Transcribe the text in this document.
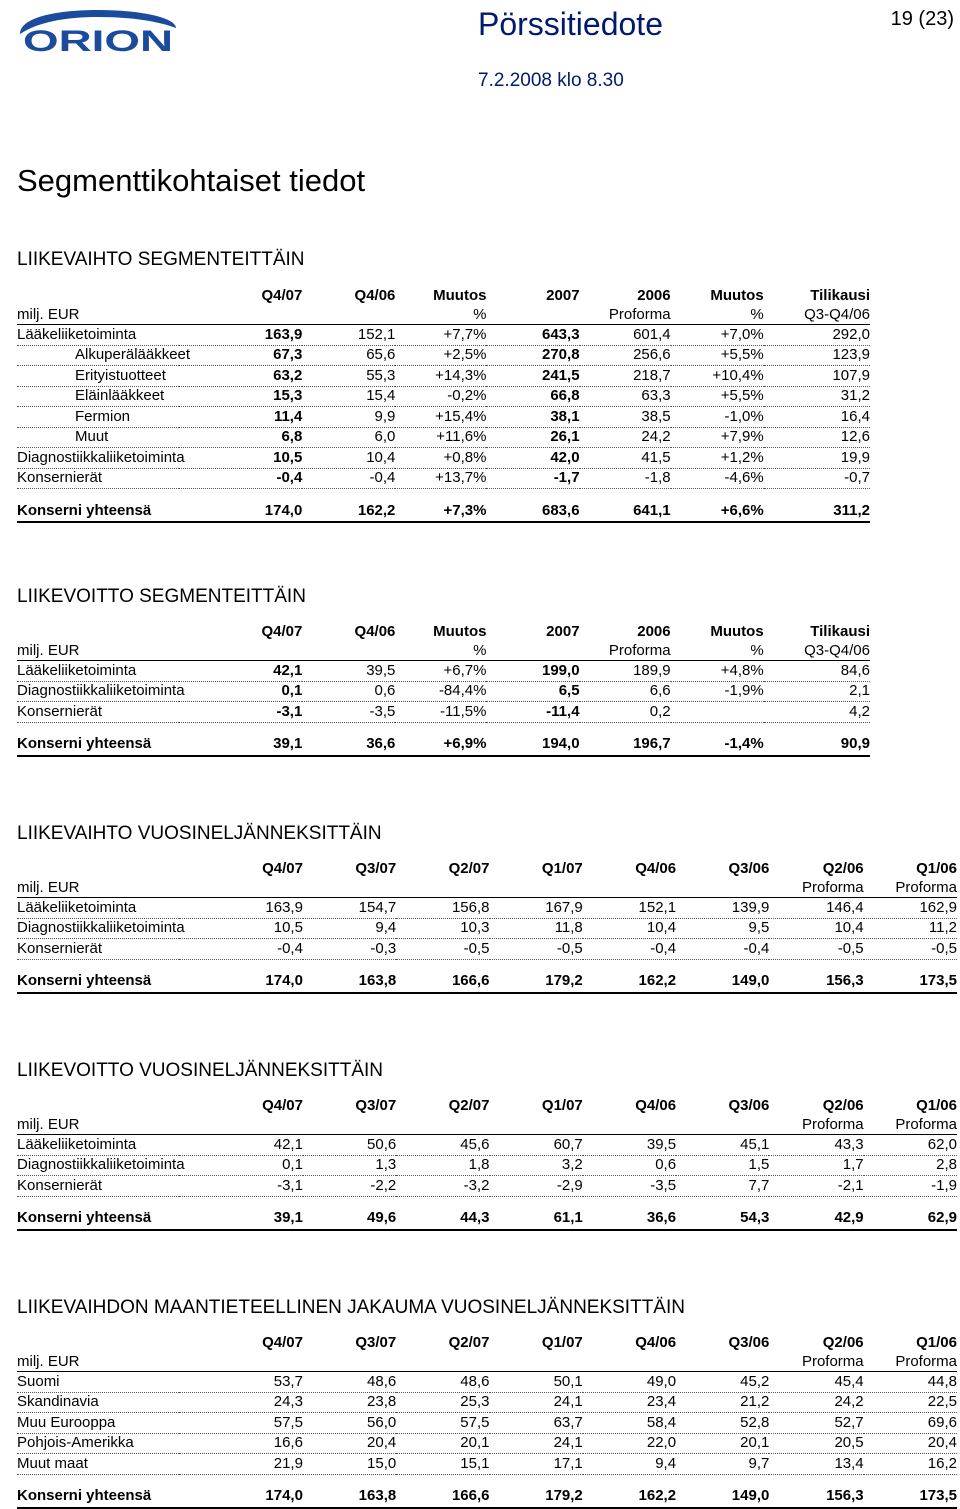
ORION	Pörssitiedote	19 (23)
7.2.2008 klo 8.30
Segmenttikohtaiset tiedot
LIIKEVAIHTO SEGMENTEITTÄIN
	Q4/07	Q4/06	Muutos	2007	2006	Muutos	Tilikausi
milj. EUR			%		Proforma	%	Q3-Q4/06
Lääkeliiketoiminta	163,9	152,1	+7,7%	643,3	601,4	+7,0%	292,0
Alkuperälääkkeet	67,3	65,6	+2,5%	270,8	256,6	+5,5%	123,9
Erityistuotteet	63,2	55,3	+14,3%	241,5	218,7	+10,4%	107,9
Eläinlääkkeet	15,3	15,4	-0,2%	66,8	63,3	+5,5%	31,2
Fermion	11,4	9,9	+15,4%	38,1	38,5	-1,0%	16,4
Muut	6,8	6,0	+11,6%	26,1	24,2	+7,9%	12,6
Diagnostiikkaliiketoiminta	10,5	10,4	+0,8%	42,0	41,5	+1,2%	19,9
Konsernierät	-0,4	-0,4	+13,7%	-1,7	-1,8	-4,6%	-0,7

Konserni yhteensä	174,0	162,2	+7,3%	683,6	641,1	+6,6%	311,2
LIIKEVOITTO SEGMENTEITTÄIN
	Q4/07	Q4/06	Muutos	2007	2006	Muutos	Tilikausi
milj. EUR			%		Proforma	%	Q3-Q4/06
Lääkeliiketoiminta	42,1	39,5	+6,7%	199,0	189,9	+4,8%	84,6
Diagnostiikkaliiketoiminta	0,1	0,6	-84,4%	6,5	6,6	-1,9%	2,1
Konsernierät	-3,1	-3,5	-11,5%	-11,4	0,2		4,2

Konserni yhteensä	39,1	36,6	+6,9%	194,0	196,7	-1,4%	90,9
LIIKEVAIHTO VUOSINELJÄNNEKSITTÄIN
	Q4/07	Q3/07	Q2/07	Q1/07	Q4/06	Q3/06	Q2/06	Q1/06
milj. EUR							Proforma	Proforma
Lääkeliiketoiminta	163,9	154,7	156,8	167,9	152,1	139,9	146,4	162,9
Diagnostiikkaliiketoiminta	10,5	9,4	10,3	11,8	10,4	9,5	10,4	11,2
Konsernierät	-0,4	-0,3	-0,5	-0,5	-0,4	-0,4	-0,5	-0,5

Konserni yhteensä	174,0	163,8	166,6	179,2	162,2	149,0	156,3	173,5
LIIKEVOITTO VUOSINELJÄNNEKSITTÄIN
	Q4/07	Q3/07	Q2/07	Q1/07	Q4/06	Q3/06	Q2/06	Q1/06
milj. EUR							Proforma	Proforma
Lääkeliiketoiminta	42,1	50,6	45,6	60,7	39,5	45,1	43,3	62,0
Diagnostiikkaliiketoiminta	0,1	1,3	1,8	3,2	0,6	1,5	1,7	2,8
Konsernierät	-3,1	-2,2	-3,2	-2,9	-3,5	7,7	-2,1	-1,9

Konserni yhteensä	39,1	49,6	44,3	61,1	36,6	54,3	42,9	62,9
LIIKEVAIHDON MAANTIETEELLINEN JAKAUMA VUOSINELJÄNNEKSITTÄIN
	Q4/07	Q3/07	Q2/07	Q1/07	Q4/06	Q3/06	Q2/06	Q1/06
milj. EUR							Proforma	Proforma
Suomi	53,7	48,6	48,6	50,1	49,0	45,2	45,4	44,8
Skandinavia	24,3	23,8	25,3	24,1	23,4	21,2	24,2	22,5
Muu Eurooppa	57,5	56,0	57,5	63,7	58,4	52,8	52,7	69,6
Pohjois-Amerikka	16,6	20,4	20,1	24,1	22,0	20,1	20,5	20,4
Muut maat	21,9	15,0	15,1	17,1	9,4	9,7	13,4	16,2

Konserni yhteensä	174,0	163,8	166,6	179,2	162,2	149,0	156,3	173,5
